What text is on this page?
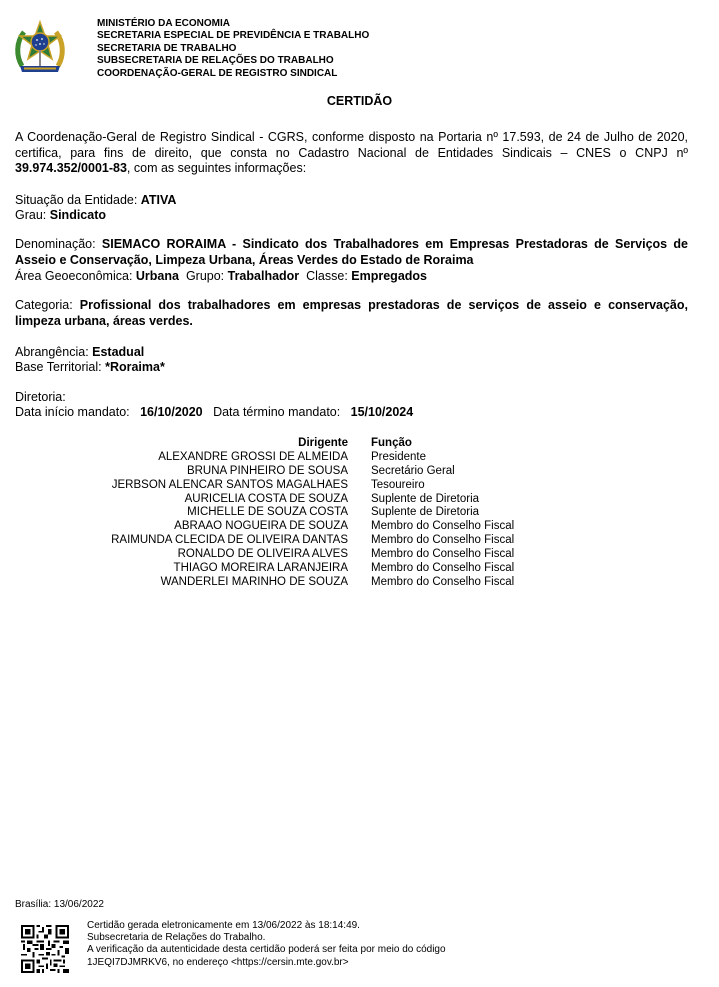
MINISTÉRIO DA ECONOMIA
SECRETARIA ESPECIAL DE PREVIDÊNCIA E TRABALHO
SECRETARIA DE TRABALHO
SUBSECRETARIA DE RELAÇÕES DO TRABALHO
COORDENAÇÃO-GERAL DE REGISTRO SINDICAL
CERTIDÃO
A Coordenação-Geral de Registro Sindical - CGRS, conforme disposto na Portaria nº 17.593, de 24 de Julho de 2020, certifica, para fins de direito, que consta no Cadastro Nacional de Entidades Sindicais – CNES o CNPJ nº 39.974.352/0001-83, com as seguintes informações:
Situação da Entidade: ATIVA
Grau: Sindicato
Denominação: SIEMACO RORAIMA - Sindicato dos Trabalhadores em Empresas Prestadoras de Serviços de Asseio e Conservação, Limpeza Urbana, Áreas Verdes do Estado de Roraima
Área Geoeconômica: Urbana Grupo: Trabalhador Classe: Empregados
Categoria: Profissional dos trabalhadores em empresas prestadoras de serviços de asseio e conservação, limpeza urbana, áreas verdes.
Abrangência: Estadual
Base Territorial: *Roraima*
Diretoria:
Data início mandato: 16/10/2020 Data término mandato: 15/10/2024
Dirigente Função
ALEXANDRE GROSSI DE ALMEIDA Presidente
BRUNA PINHEIRO DE SOUSA Secretário Geral
JERBSON ALENCAR SANTOS MAGALHAES Tesoureiro
AURICELIA COSTA DE SOUZA Suplente de Diretoria
MICHELLE DE SOUZA COSTA Suplente de Diretoria
ABRAAO NOGUEIRA DE SOUZA Membro do Conselho Fiscal
RAIMUNDA CLECIDA DE OLIVEIRA DANTAS Membro do Conselho Fiscal
RONALDO DE OLIVEIRA ALVES Membro do Conselho Fiscal
THIAGO MOREIRA LARANJEIRA Membro do Conselho Fiscal
WANDERLEI MARINHO DE SOUZA Membro do Conselho Fiscal
Brasília: 13/06/2022
Certidão gerada eletronicamente em 13/06/2022 às 18:14:49.
Subsecretaria de Relações do Trabalho.
A verificação da autenticidade desta certidão poderá ser feita por meio do código
1JEQI7DJMRKV6, no endereço <https://cersin.mte.gov.br>
